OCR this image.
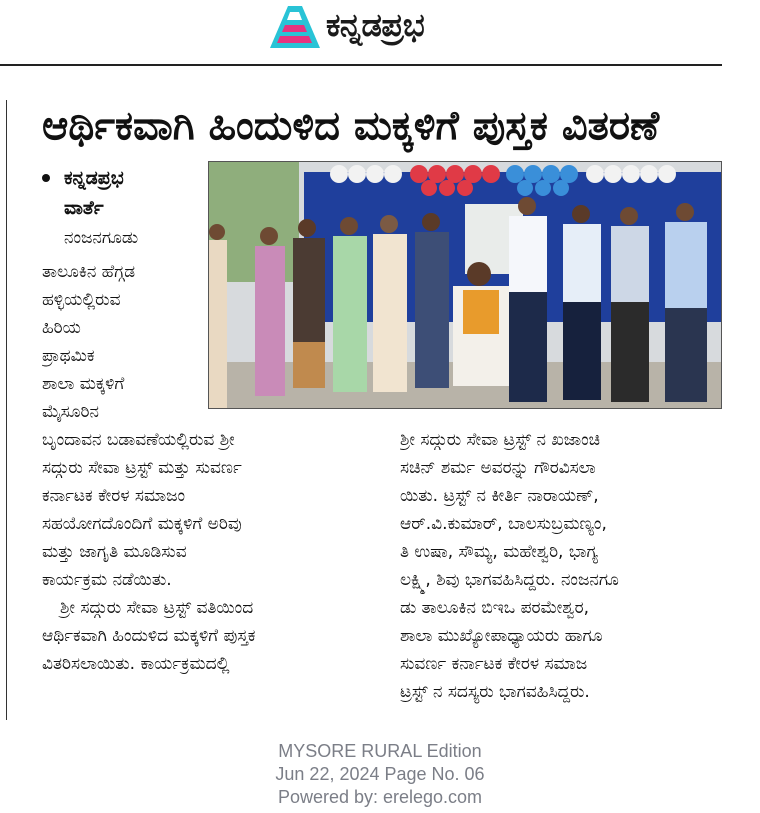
ಕನ್ನಡಪ್ರಭ
ಆರ್ಥಿಕವಾಗಿ ಹಿಂದುಳಿದ ಮಕ್ಕಳಿಗೆ ಪುಸ್ತಕ ವಿತರಣೆ
ಕನ್ನಡಪ್ರಭ
ವಾರ್ತೆ
ನಂಜನಗೂಡು
ತಾಲೂಕಿನ ಹೆಗ್ಗಡ
ಹಳ್ಳಿಯಲ್ಲಿರುವ
ಹಿರಿಯ
ಪ್ರಾಥಮಿಕ
ಶಾಲಾ ಮಕ್ಕಳಿಗೆ
ಮೈಸೂರಿನ
ಬೃಂದಾವನ ಬಡಾವಣೆಯಲ್ಲಿರುವ ಶ್ರೀ
ಸದ್ಗುರು ಸೇವಾ ಟ್ರಸ್ಟ್ ಮತ್ತು ಸುವರ್ಣ
ಕರ್ನಾಟಕ ಕೇರಳ ಸಮಾಜಂ
ಸಹಯೋಗದೊಂದಿಗೆ ಮಕ್ಕಳಿಗೆ ಅರಿವು
ಮತ್ತು ಜಾಗೃತಿ ಮೂಡಿಸುವ
ಕಾರ್ಯಕ್ರಮ ನಡೆಯಿತು.
ಶ್ರೀ ಸದ್ಗುರು ಸೇವಾ ಟ್ರಸ್ಟ್ ವತಿಯಿಂದ
ಆರ್ಥಿಕವಾಗಿ ಹಿಂದುಳಿದ ಮಕ್ಕಳಿಗೆ ಪುಸ್ತಕ
ವಿತರಿಸಲಾಯಿತು. ಕಾರ್ಯಕ್ರಮದಲ್ಲಿ
ಶ್ರೀ ಸದ್ಗುರು ಸೇವಾ ಟ್ರಸ್ಟ್ ನ ಖಜಾಂಚಿ
ಸಚಿನ್ ಶರ್ಮ ಅವರನ್ನು ಗೌರವಿಸಲಾ
ಯಿತು. ಟ್ರಸ್ಟ್ ನ ಕೀರ್ತಿ ನಾರಾಯಣ್,
ಆರ್.ವಿ.ಕುಮಾರ್, ಬಾಲಸುಬ್ರಮಣ್ಯಂ,
ತಿ ಉಷಾ, ಸೌಮ್ಯ, ಮಹೇಶ್ವರಿ, ಭಾಗ್ಯ
ಲಕ್ಷ್ಮಿ, ಶಿವು ಭಾಗವಹಿಸಿದ್ದರು. ನಂಜನಗೂ
ಡು ತಾಲೂಕಿನ ಬಿಇಒ ಪರಮೇಶ್ವರ,
ಶಾಲಾ ಮುಖ್ಯೋಪಾಧ್ಯಾಯರು ಹಾಗೂ
ಸುವರ್ಣ ಕರ್ನಾಟಕ ಕೇರಳ ಸಮಾಜ
ಟ್ರಸ್ಟ್ ನ ಸದಸ್ಯರು ಭಾಗವಹಿಸಿದ್ದರು.
MYSORE RURAL Edition
Jun 22, 2024 Page No. 06
Powered by: erelego.com
